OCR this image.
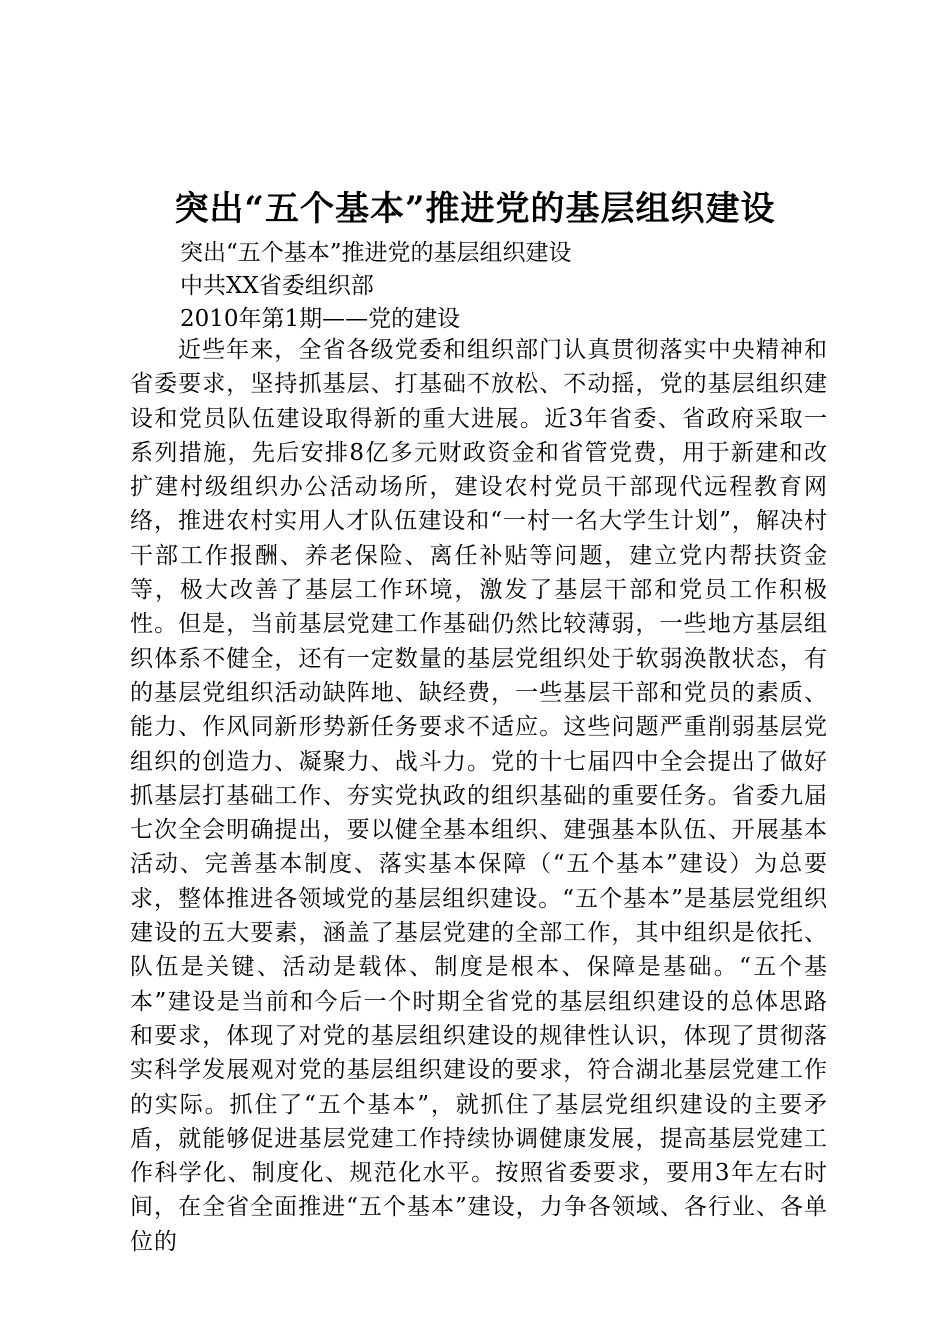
突出“五个基本”推进党的基层组织建设
突出“五个基本”推进党的基层组织建设
中共XX省委组织部
2010年第1期——党的建设

近些年来，全省各级党委和组织部门认真贯彻落实中央精神和省委要求，坚持抓基层、打基础不放松、不动摇，党的基层组织建设和党员队伍建设取得新的重大进展。近3年省委、省政府采取一系列措施，先后安排8亿多元财政资金和省管党费，用于新建和改扩建村级组织办公活动场所，建设农村党员干部现代远程教育网络，推进农村实用人才队伍建设和“一村一名大学生计划”，解决村干部工作报酬、养老保险、离任补贴等问题，建立党内帮扶资金等，极大改善了基层工作环境，激发了基层干部和党员工作积极性。但是，当前基层党建工作基础仍然比较薄弱，一些地方基层组织体系不健全，还有一定数量的基层党组织处于软弱涣散状态，有的基层党组织活动缺阵地、缺经费，一些基层干部和党员的素质、能力、作风同新形势新任务要求不适应。这些问题严重削弱基层党组织的创造力、凝聚力、战斗力。党的十七届四中全会提出了做好抓基层打基础工作、夯实党执政的组织基础的重要任务。省委九届七次全会明确提出，要以健全基本组织、建强基本队伍、开展基本活动、完善基本制度、落实基本保障（“五个基本”建设）为总要求，整体推进各领域党的基层组织建设。“五个基本”是基层党组织建设的五大要素，涵盖了基层党建的全部工作，其中组织是依托、队伍是关键、活动是载体、制度是根本、保障是基础。“五个基本”建设是当前和今后一个时期全省党的基层组织建设的总体思路和要求，体现了对党的基层组织建设的规律性认识，体现了贯彻落实科学发展观对党的基层组织建设的要求，符合湖北基层党建工作的实际。抓住了“五个基本”，就抓住了基层党组织建设的主要矛盾，就能够促进基层党建工作持续协调健康发展，提高基层党建工作科学化、制度化、规范化水平。按照省委要求，要用3年左右时间，在全省全面推进“五个基本”建设，力争各领域、各行业、各单位的
